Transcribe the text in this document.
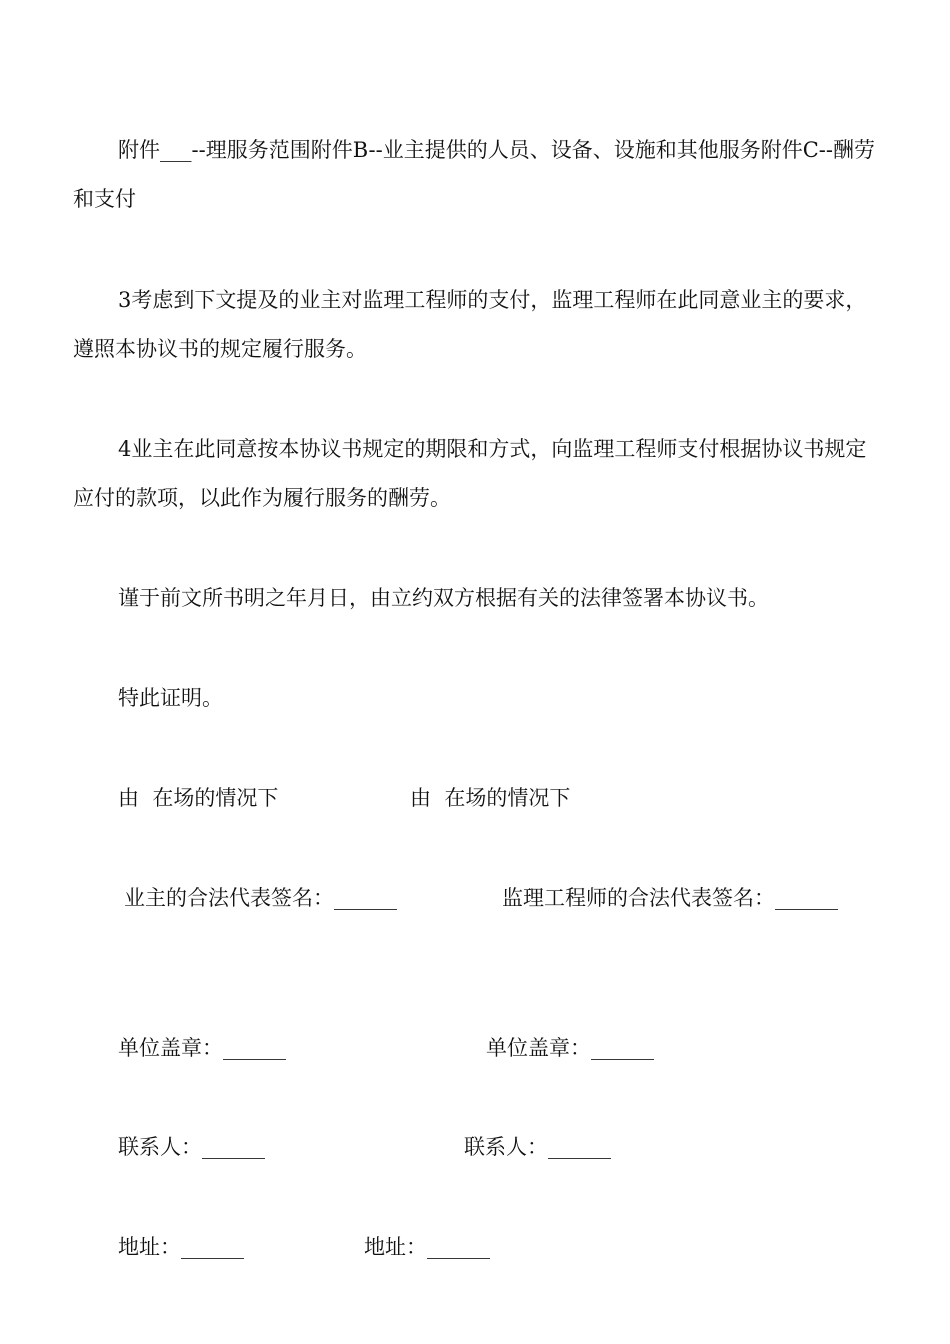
附件___--理服务范围附件B--业主提供的人员、设备、设施和其他服务附件C--酬劳和支付

3考虑到下文提及的业主对监理工程师的支付，监理工程师在此同意业主的要求，遵照本协议书的规定履行服务。

4业主在此同意按本协议书规定的期限和方式，向监理工程师支付根据协议书规定应付的款项，以此作为履行服务的酬劳。

谨于前文所书明之年月日，由立约双方根据有关的法律签署本协议书。

特此证明。

由  在场的情况下	由  在场的情况下

业主的合法代表签名：______	监理工程师的合法代表签名：______

单位盖章：______	单位盖章：______

联系人：______	联系人：______

地址：______	地址：______
